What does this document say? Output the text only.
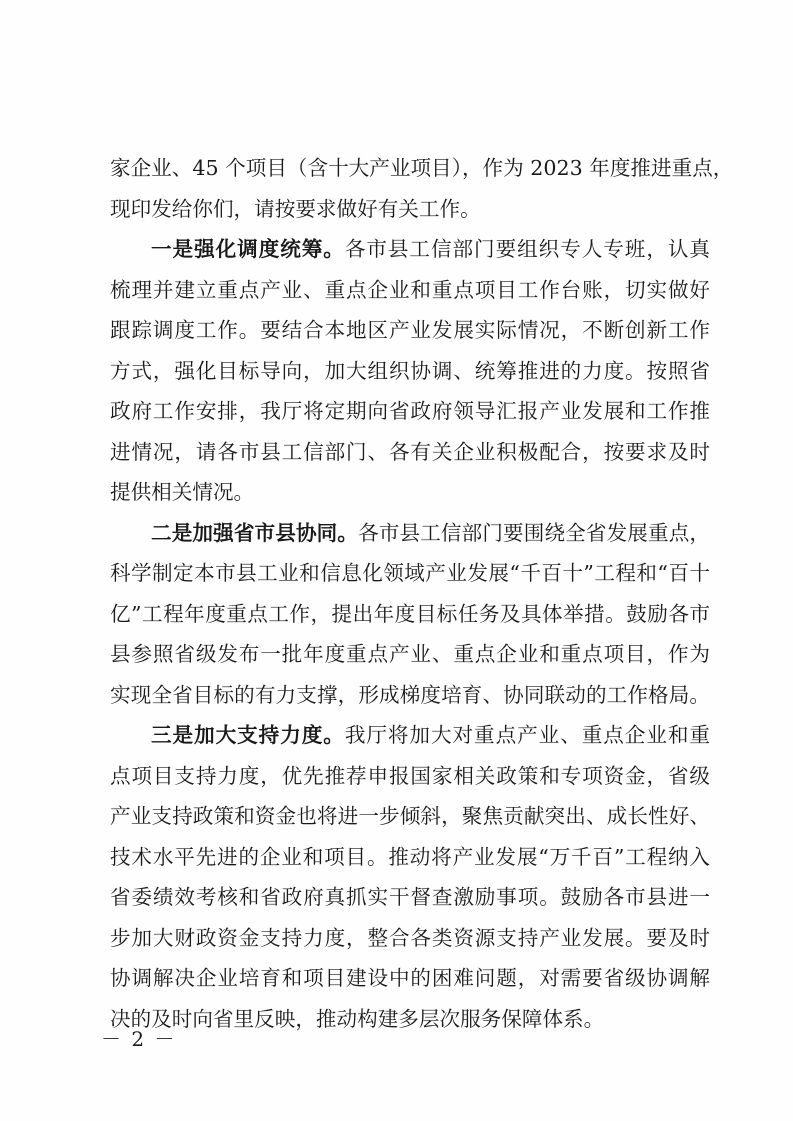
家企业、45 个项目（含十大产业项目），作为 2023 年度推进重点，
现印发给你们，请按要求做好有关工作。
一是强化调度统筹。各市县工信部门要组织专人专班，认真
梳理并建立重点产业、重点企业和重点项目工作台账，切实做好
跟踪调度工作。要结合本地区产业发展实际情况，不断创新工作
方式，强化目标导向，加大组织协调、统筹推进的力度。按照省
政府工作安排，我厅将定期向省政府领导汇报产业发展和工作推
进情况，请各市县工信部门、各有关企业积极配合，按要求及时
提供相关情况。
二是加强省市县协同。各市县工信部门要围绕全省发展重点，
科学制定本市县工业和信息化领域产业发展“千百十”工程和“百十
亿”工程年度重点工作，提出年度目标任务及具体举措。鼓励各市
县参照省级发布一批年度重点产业、重点企业和重点项目，作为
实现全省目标的有力支撑，形成梯度培育、协同联动的工作格局。
三是加大支持力度。我厅将加大对重点产业、重点企业和重
点项目支持力度，优先推荐申报国家相关政策和专项资金，省级
产业支持政策和资金也将进一步倾斜，聚焦贡献突出、成长性好、
技术水平先进的企业和项目。推动将产业发展“万千百”工程纳入
省委绩效考核和省政府真抓实干督查激励事项。鼓励各市县进一
步加大财政资金支持力度，整合各类资源支持产业发展。要及时
协调解决企业培育和项目建设中的困难问题，对需要省级协调解
决的及时向省里反映，推动构建多层次服务保障体系。
－ 2 －
